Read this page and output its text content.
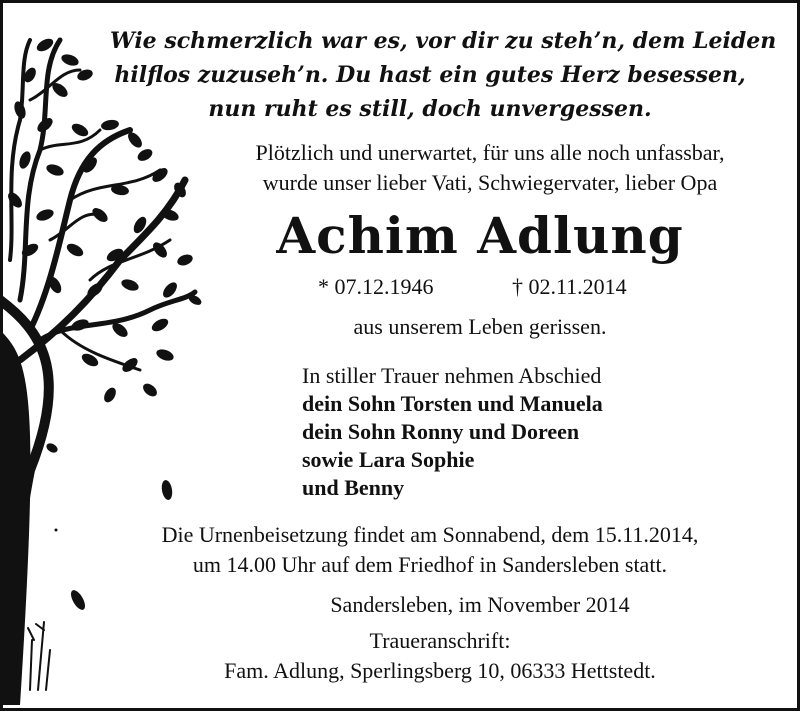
Wie schmerzlich war es, vor dir zu steh’n, dem Leiden
hilflos zuzuseh’n. Du hast ein gutes Herz besessen,
nun ruht es still, doch unvergessen.
Plötzlich und unerwartet, für uns alle noch unfassbar,
wurde unser lieber Vati, Schwiegervater, lieber Opa
Achim Adlung
* 07.12.1946	† 02.11.2014
aus unserem Leben gerissen.
In stiller Trauer nehmen Abschied
dein Sohn Torsten und Manuela
dein Sohn Ronny und Doreen
sowie Lara Sophie
und Benny
Die Urnenbeisetzung findet am Sonnabend, dem 15.11.2014,
um 14.00 Uhr auf dem Friedhof in Sandersleben statt.
Sandersleben, im November 2014
Traueranschrift:
Fam. Adlung, Sperlingsberg 10, 06333 Hettstedt.
